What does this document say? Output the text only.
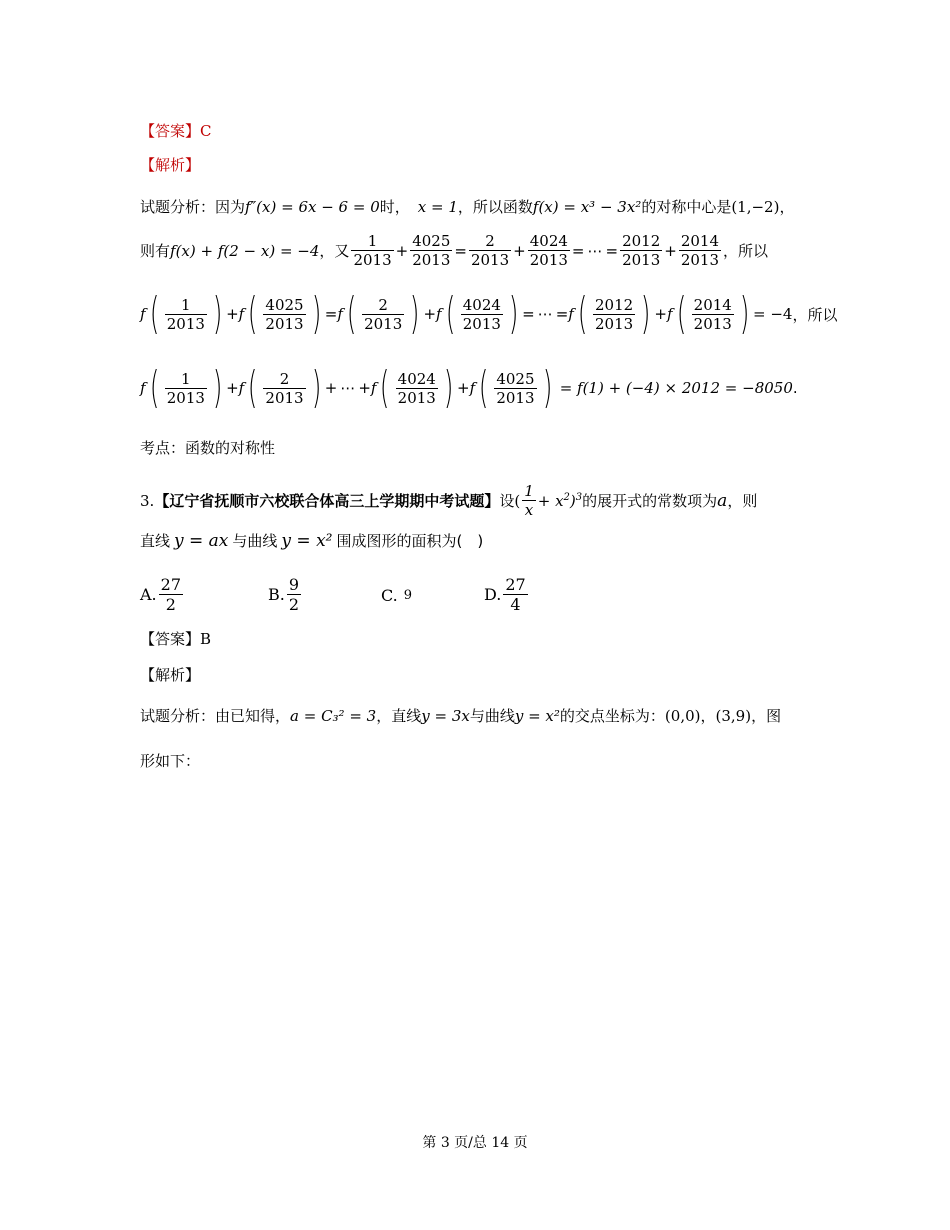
【答案】C
【解析】
试题分析：因为 f″(x) = 6x − 6 = 0 时， x = 1 ，所以函数 f(x) = x³ − 3x² 的对称中心是 (1,−2) ，
则有 f(x) + f(2 − x) = −4 ，又 $\frac{1}{2013} + \frac{4025}{2013} = \frac{2}{2013} + \frac{4024}{2013}$ = ⋯ = $\frac{2012}{2013} + \frac{2014}{2013}$ ，所以
f ( $\frac{1}{2013}$ ) + f ( $\frac{4025}{2013}$ ) = f ( $\frac{2}{2013}$ ) + f ( $\frac{4024}{2013}$ ) = ⋯ = f ( $\frac{2012}{2013}$ ) + f ( $\frac{2014}{2013}$ ) = −4 ，所以
f ( $\frac{1}{2013}$ ) + f ( $\frac{2}{2013}$ ) + ⋯ + f ( $\frac{4024}{2013}$ ) + f ( $\frac{4025}{2013}$ ) = f(1) + (−4) × 2012 = −8050 .
考点：函数的对称性
3. 【辽宁省抚顺市六校联合体高三上学期期中考试题】 设 ( $\frac{1}{x} + x^2)^3$ 的展开式的常数项为 a ，则
直线 y = ax 与曲线 y = x² 围成图形的面积为(　)
A. $\frac{27}{2}$	B. $\frac{9}{2}$	C. 9	D. $\frac{27}{4}$
【答案】B
【解析】
试题分析：由已知得， a = C₃² = 3 ，直线 y = 3x 与曲线 y = x² 的交点坐标为： (0,0) ， (3,9) ，图
形如下：
第 3 页/总 14 页
